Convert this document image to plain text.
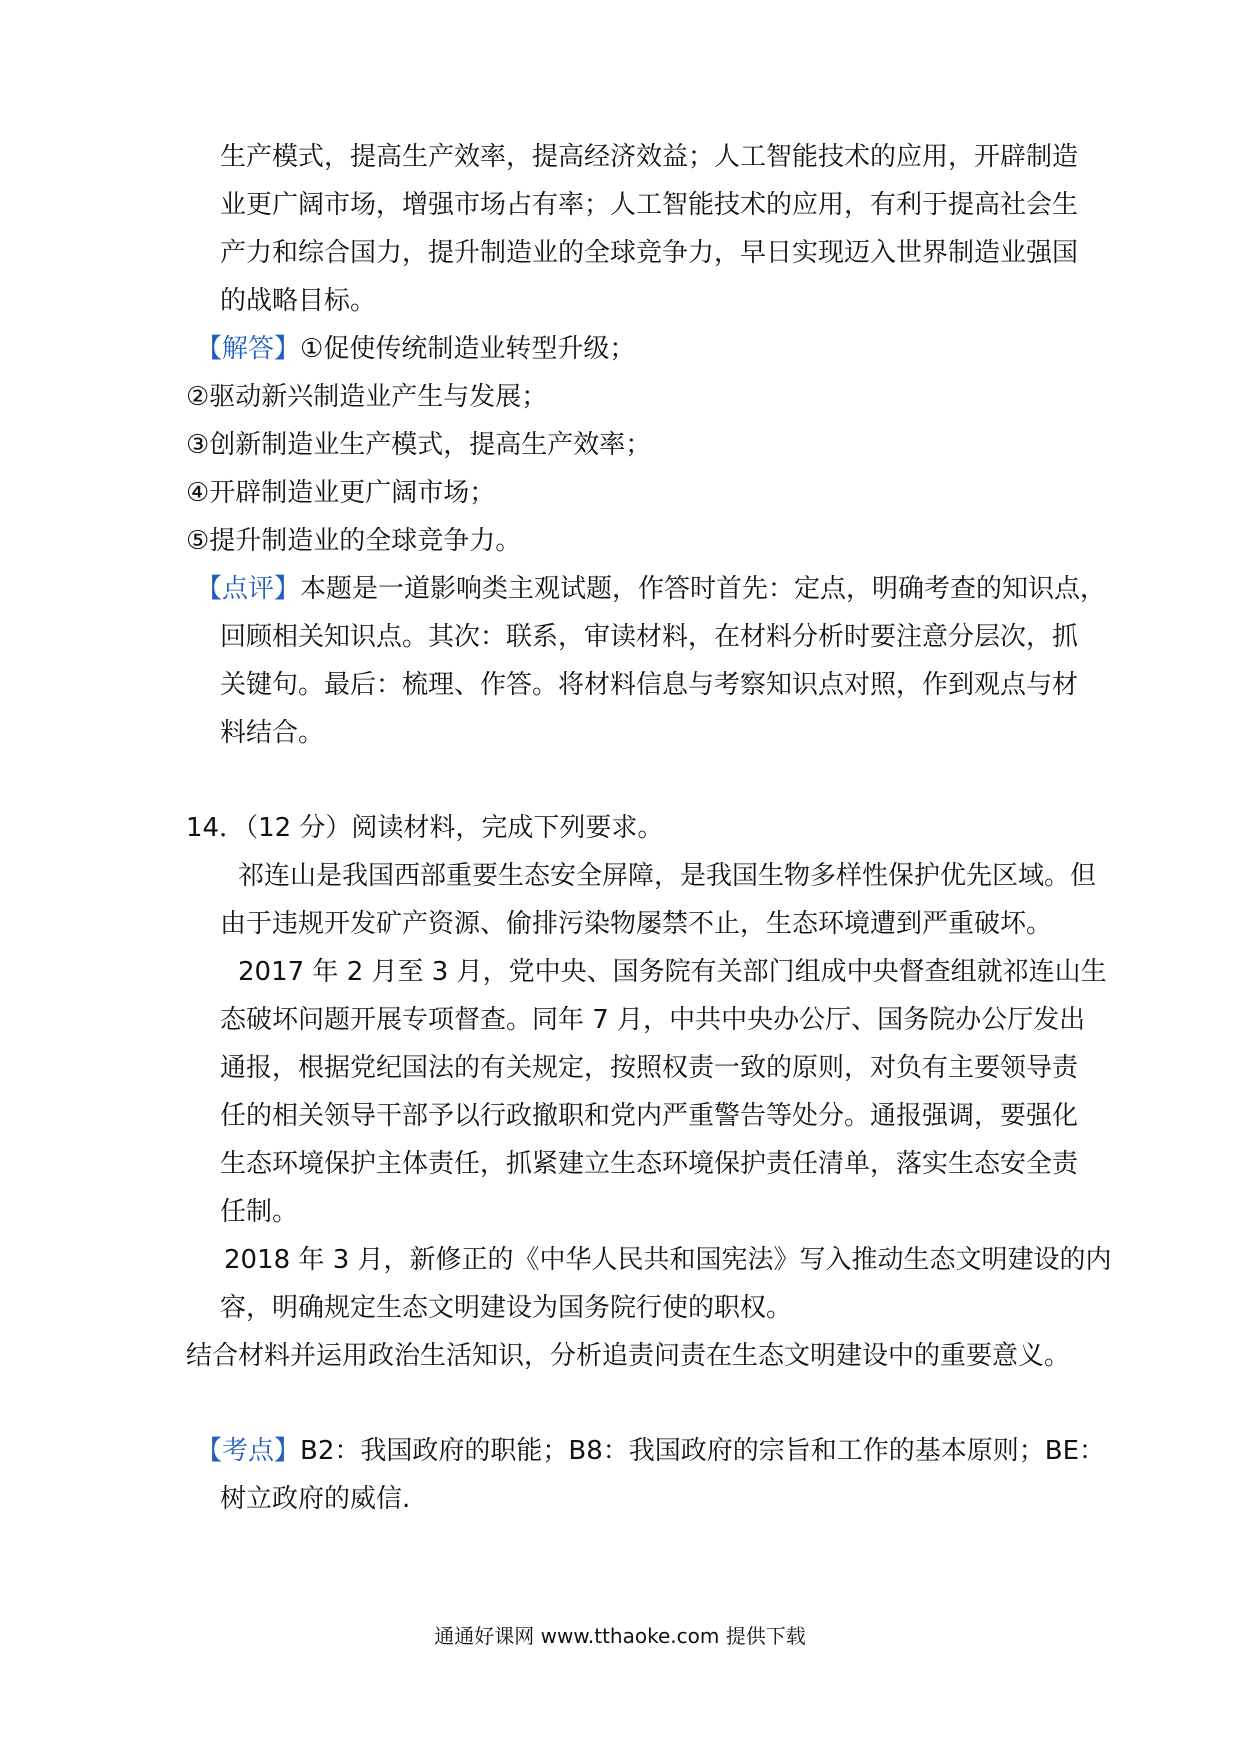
生产模式，提高生产效率，提高经济效益；人工智能技术的应用，开辟制造
业更广阔市场，增强市场占有率；人工智能技术的应用，有利于提高社会生
产力和综合国力，提升制造业的全球竞争力，早日实现迈入世界制造业强国
的战略目标。
【解答】①促使传统制造业转型升级；
②驱动新兴制造业产生与发展；
③创新制造业生产模式，提高生产效率；
④开辟制造业更广阔市场；
⑤提升制造业的全球竞争力。
【点评】本题是一道影响类主观试题，作答时首先：定点，明确考查的知识点，
回顾相关知识点。其次：联系，审读材料，在材料分析时要注意分层次，抓
关键句。最后：梳理、作答。将材料信息与考察知识点对照，作到观点与材
料结合。
14．（12 分）阅读材料，完成下列要求。
祁连山是我国西部重要生态安全屏障，是我国生物多样性保护优先区域。但
由于违规开发矿产资源、偷排污染物屡禁不止，生态环境遭到严重破坏。
2017 年 2 月至 3 月，党中央、国务院有关部门组成中央督查组就祁连山生
态破坏问题开展专项督查。同年 7 月，中共中央办公厅、国务院办公厅发出
通报，根据党纪国法的有关规定，按照权责一致的原则，对负有主要领导责
任的相关领导干部予以行政撤职和党内严重警告等处分。通报强调，要强化
生态环境保护主体责任，抓紧建立生态环境保护责任清单，落实生态安全责
任制。
2018 年 3 月，新修正的《中华人民共和国宪法》写入推动生态文明建设的内
容，明确规定生态文明建设为国务院行使的职权。
结合材料并运用政治生活知识，分析追责问责在生态文明建设中的重要意义。
【考点】B2：我国政府的职能；B8：我国政府的宗旨和工作的基本原则；BE：
树立政府的威信.
通通好课网 www.tthaoke.com 提供下载
